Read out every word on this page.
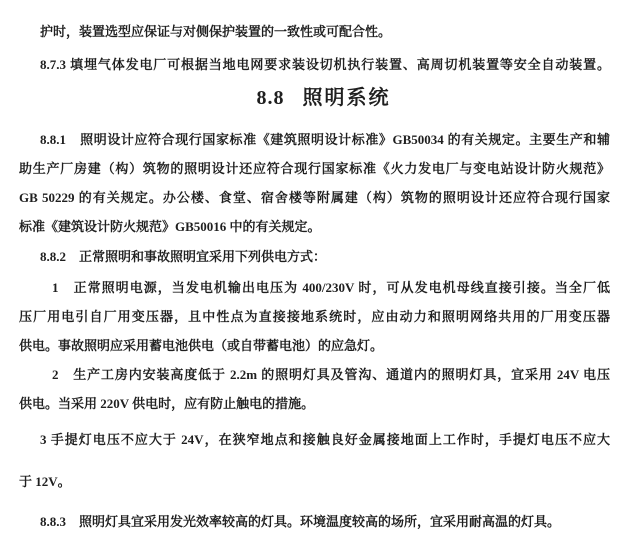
护时，装置选型应保证与对侧保护装置的一致性或可配合性。
8.7.3 填埋气体发电厂可根据当地电网要求装设切机执行装置、高周切机装置等安全自动装置。
8.8 照明系统
8.8.1　照明设计应符合现行国家标准《建筑照明设计标准》GB50034 的有关规定。主要生产和辅
助生产厂房建（构）筑物的照明设计还应符合现行国家标准《火力发电厂与变电站设计防火规范》
GB 50229 的有关规定。办公楼、食堂、宿舍楼等附属建（构）筑物的照明设计还应符合现行国家
标准《建筑设计防火规范》GB50016 中的有关规定。
8.8.2　正常照明和事故照明宜采用下列供电方式：
1　正常照明电源，当发电机输出电压为 400/230V 时，可从发电机母线直接引接。当全厂低
压厂用电引自厂用变压器，且中性点为直接接地系统时，应由动力和照明网络共用的厂用变压器
供电。事故照明应采用蓄电池供电（或自带蓄电池）的应急灯。
2　生产工房内安装高度低于 2.2m 的照明灯具及管沟、通道内的照明灯具，宜采用 24V 电压
供电。当采用 220V 供电时，应有防止触电的措施。
3 手提灯电压不应大于 24V，在狭窄地点和接触良好金属接地面上工作时，手提灯电压不应大
于 12V。
8.8.3　照明灯具宜采用发光效率较高的灯具。环境温度较高的场所，宜采用耐高温的灯具。
